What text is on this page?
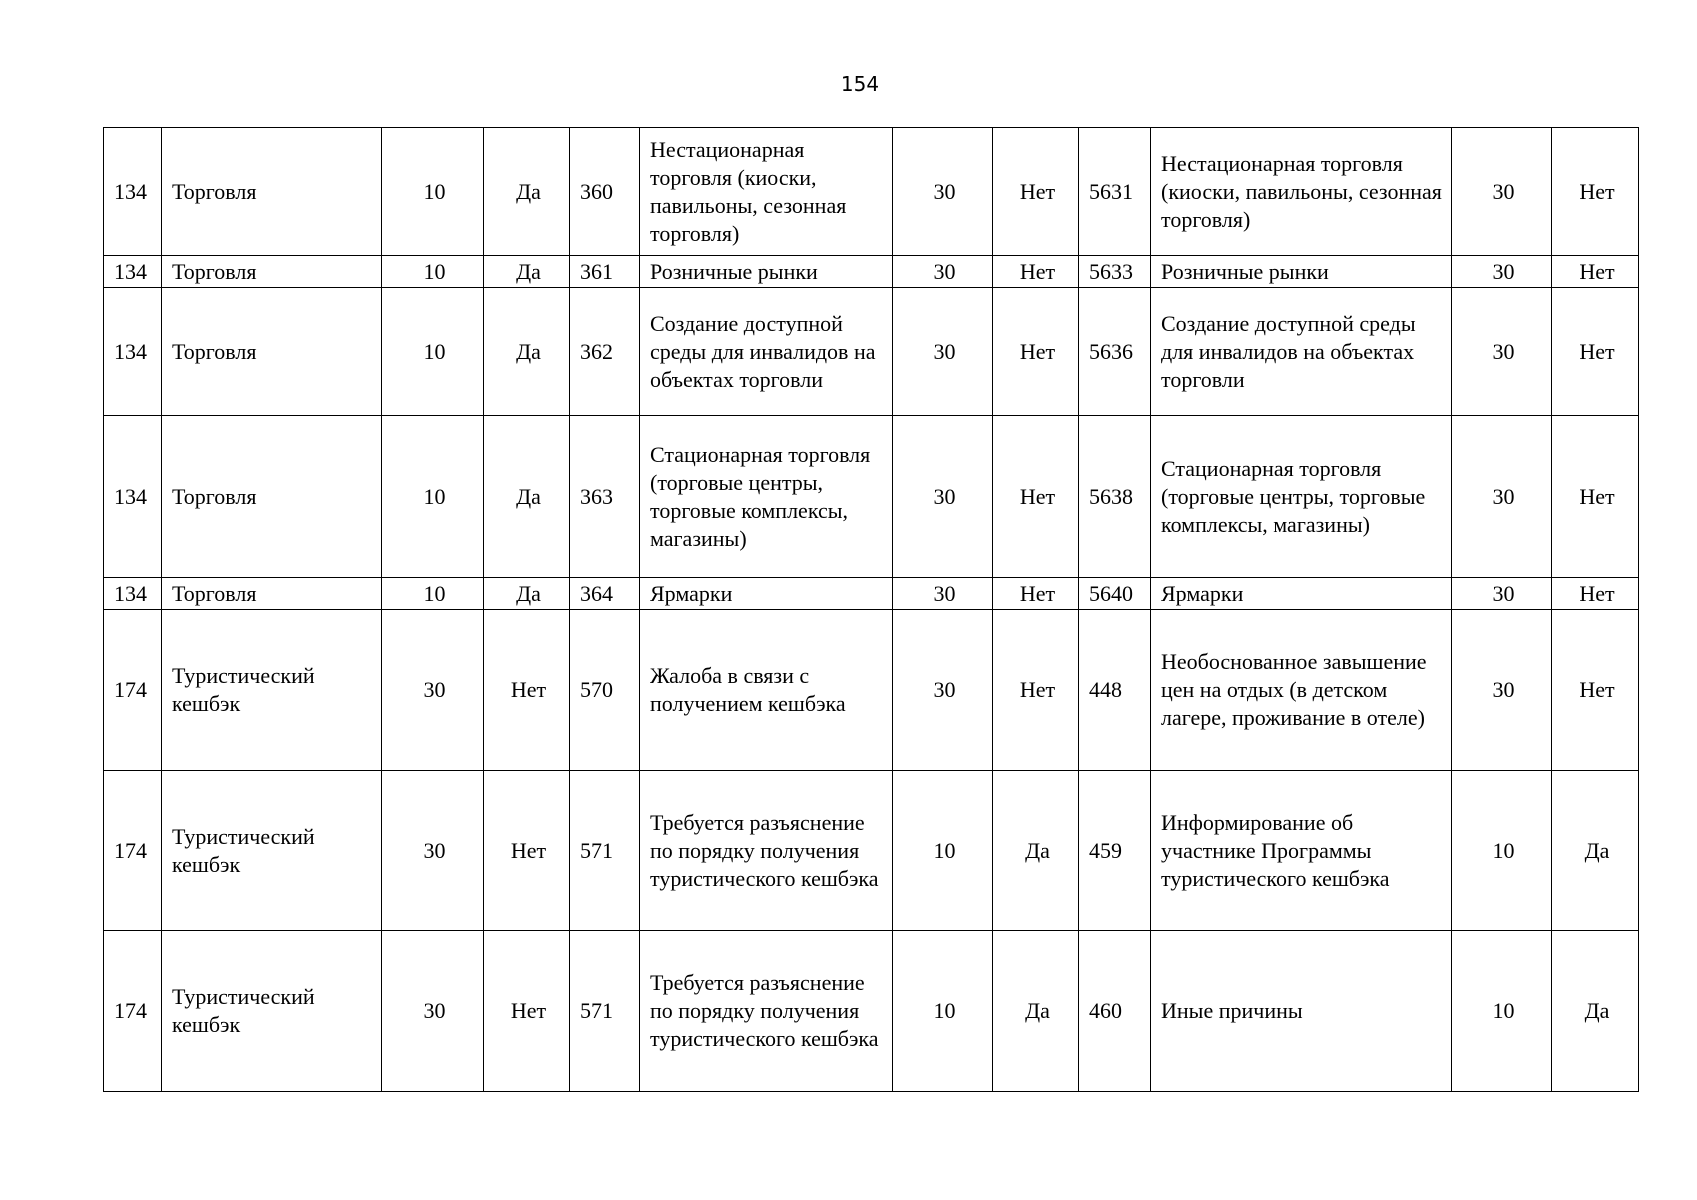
154
134	Торговля	10	Да	360	Нестационарная торговля (киоски, павильоны, сезонная торговля)	30	Нет	5631	Нестационарная торговля (киоски, павильоны, сезонная торговля)	30	Нет
134	Торговля	10	Да	361	Розничные рынки	30	Нет	5633	Розничные рынки	30	Нет
134	Торговля	10	Да	362	Создание доступной среды для инвалидов на объектах торговли	30	Нет	5636	Создание доступной среды для инвалидов на объектах торговли	30	Нет
134	Торговля	10	Да	363	Стационарная торговля (торговые центры, торговые комплексы, магазины)	30	Нет	5638	Стационарная торговля (торговые центры, торговые комплексы, магазины)	30	Нет
134	Торговля	10	Да	364	Ярмарки	30	Нет	5640	Ярмарки	30	Нет
174	Туристический кешбэк	30	Нет	570	Жалоба в связи с получением кешбэка	30	Нет	448	Необоснованное завышение цен на отдых (в детском лагере, проживание в отеле)	30	Нет
174	Туристический кешбэк	30	Нет	571	Требуется разъяснение по порядку получения туристического кешбэка	10	Да	459	Информирование об участнике Программы туристического кешбэка	10	Да
174	Туристический кешбэк	30	Нет	571	Требуется разъяснение по порядку получения туристического кешбэка	10	Да	460	Иные причины	10	Да
